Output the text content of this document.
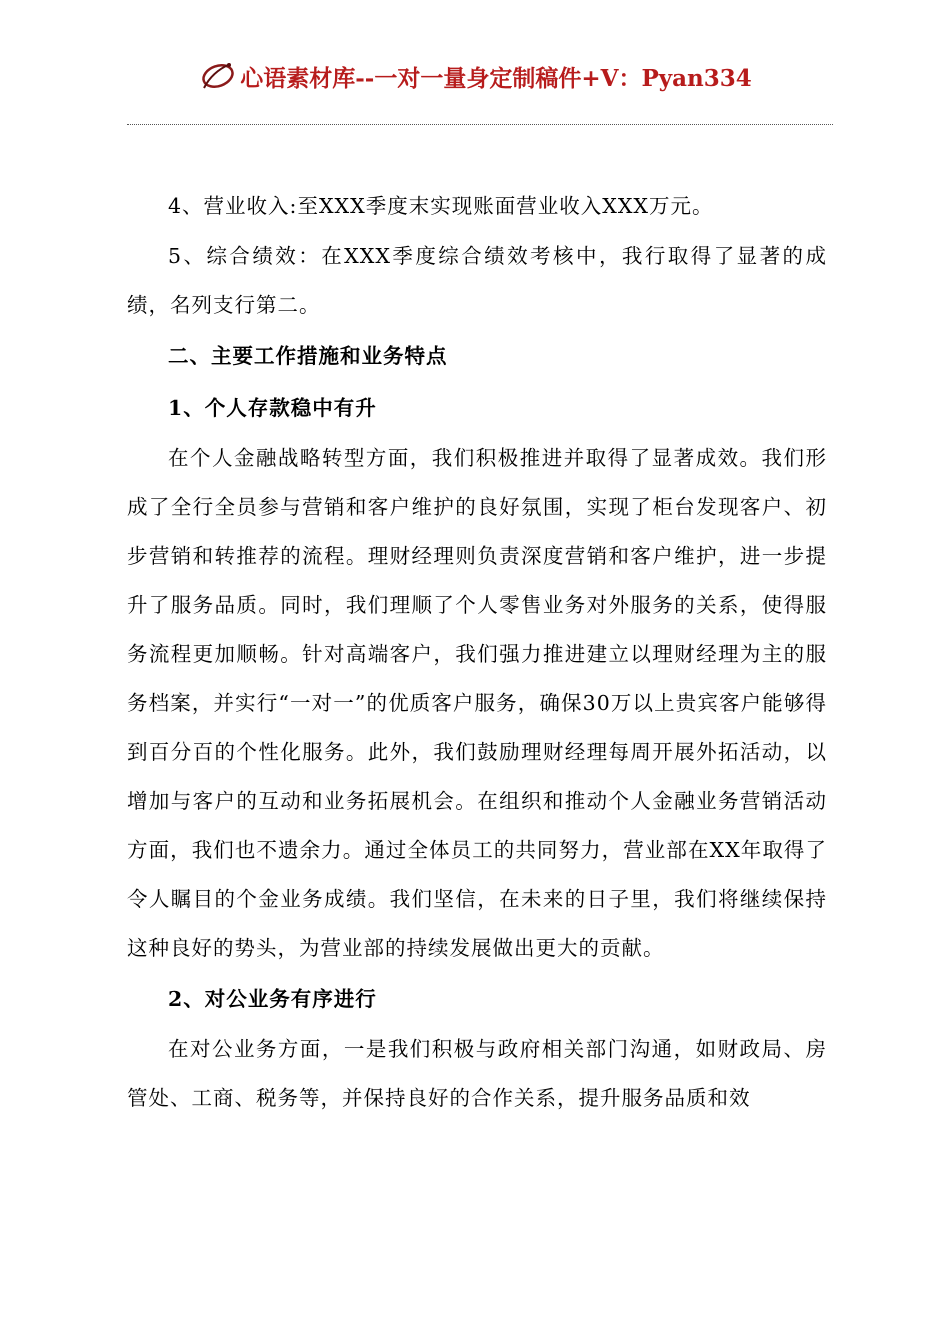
心语素材库 --一对一量身定制稿件+V：Pyan334

4、营业收入:至XXX季度末实现账面营业收入XXX万元。

5、综合绩效：在XXX季度综合绩效考核中，我行取得了显著的成绩，名列支行第二。

二、主要工作措施和业务特点

1、个人存款稳中有升

在个人金融战略转型方面，我们积极推进并取得了显著成效。我们形成了全行全员参与营销和客户维护的良好氛围，实现了柜台发现客户、初步营销和转推荐的流程。理财经理则负责深度营销和客户维护，进一步提升了服务品质。同时，我们理顺了个人零售业务对外服务的关系，使得服务流程更加顺畅。针对高端客户，我们强力推进建立以理财经理为主的服务档案，并实行“一对一”的优质客户服务，确保30万以上贵宾客户能够得到百分百的个性化服务。此外，我们鼓励理财经理每周开展外拓活动，以增加与客户的互动和业务拓展机会。在组织和推动个人金融业务营销活动方面，我们也不遗余力。通过全体员工的共同努力，营业部在XX年取得了令人瞩目的个金业务成绩。我们坚信，在未来的日子里，我们将继续保持这种良好的势头，为营业部的持续发展做出更大的贡献。

2、对公业务有序进行

在对公业务方面，一是我们积极与政府相关部门沟通，如财政局、房管处、工商、税务等，并保持良好的合作关系，提升服务品质和效
